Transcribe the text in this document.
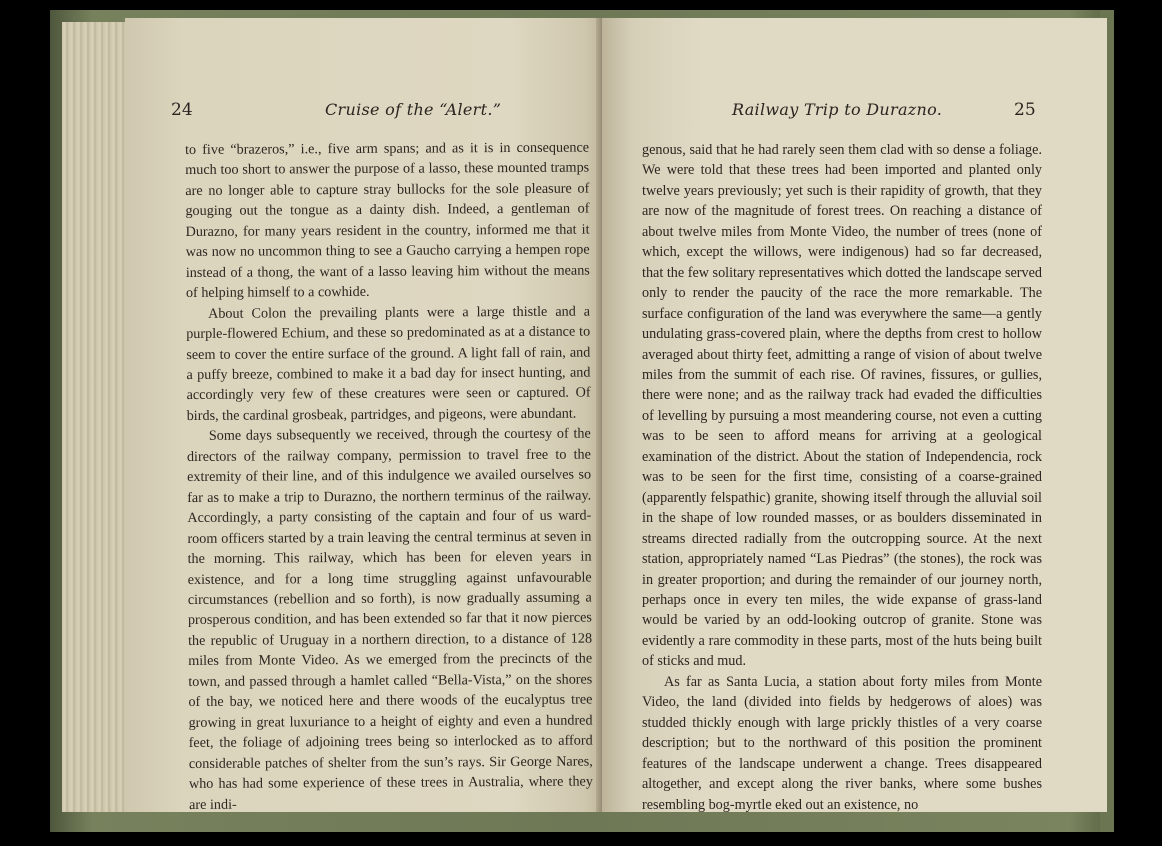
24	Cruise of the “Alert.”

to five “brazeros,” i.e., five arm spans; and as it is in consequence much too short to answer the purpose of a lasso, these mounted tramps are no longer able to capture stray bullocks for the sole pleasure of gouging out the tongue as a dainty dish. Indeed, a gentleman of Durazno, for many years resident in the country, informed me that it was now no uncommon thing to see a Gaucho carrying a hempen rope instead of a thong, the want of a lasso leaving him without the means of helping himself to a cowhide.

About Colon the prevailing plants were a large thistle and a purple-flowered Echium, and these so predominated as at a distance to seem to cover the entire surface of the ground. A light fall of rain, and a puffy breeze, combined to make it a bad day for insect hunting, and accordingly very few of these creatures were seen or captured. Of birds, the cardinal grosbeak, partridges, and pigeons, were abundant.

Some days subsequently we received, through the courtesy of the directors of the railway company, permission to travel free to the extremity of their line, and of this indulgence we availed ourselves so far as to make a trip to Durazno, the northern terminus of the railway. Accordingly, a party consisting of the captain and four of us ward-room officers started by a train leaving the central terminus at seven in the morning. This railway, which has been for eleven years in existence, and for a long time struggling against unfavourable circumstances (rebellion and so forth), is now gradually assuming a prosperous condition, and has been extended so far that it now pierces the republic of Uruguay in a northern direction, to a distance of 128 miles from Monte Video. As we emerged from the precincts of the town, and passed through a hamlet called “Bella-Vista,” on the shores of the bay, we noticed here and there woods of the eucalyptus tree growing in great luxuriance to a height of eighty and even a hundred feet, the foliage of adjoining trees being so interlocked as to afford considerable patches of shelter from the sun’s rays. Sir George Nares, who has had some experience of these trees in Australia, where they are indi-

Railway Trip to Durazno.	25

genous, said that he had rarely seen them clad with so dense a foliage. We were told that these trees had been imported and planted only twelve years previously; yet such is their rapidity of growth, that they are now of the magnitude of forest trees. On reaching a distance of about twelve miles from Monte Video, the number of trees (none of which, except the willows, were indigenous) had so far decreased, that the few solitary representatives which dotted the landscape served only to render the paucity of the race the more remarkable. The surface configuration of the land was everywhere the same—a gently undulating grass-covered plain, where the depths from crest to hollow averaged about thirty feet, admitting a range of vision of about twelve miles from the summit of each rise. Of ravines, fissures, or gullies, there were none; and as the railway track had evaded the difficulties of levelling by pursuing a most meandering course, not even a cutting was to be seen to afford means for arriving at a geological examination of the district. About the station of Independencia, rock was to be seen for the first time, consisting of a coarse-grained (apparently felspathic) granite, showing itself through the alluvial soil in the shape of low rounded masses, or as boulders disseminated in streams directed radially from the outcropping source. At the next station, appropriately named “Las Piedras” (the stones), the rock was in greater proportion; and during the remainder of our journey north, perhaps once in every ten miles, the wide expanse of grass-land would be varied by an odd-looking outcrop of granite. Stone was evidently a rare commodity in these parts, most of the huts being built of sticks and mud.

As far as Santa Lucia, a station about forty miles from Monte Video, the land (divided into fields by hedgerows of aloes) was studded thickly enough with large prickly thistles of a very coarse description; but to the northward of this position the prominent features of the landscape underwent a change. Trees disappeared altogether, and except along the river banks, where some bushes resembling bog-myrtle eked out an existence, no
